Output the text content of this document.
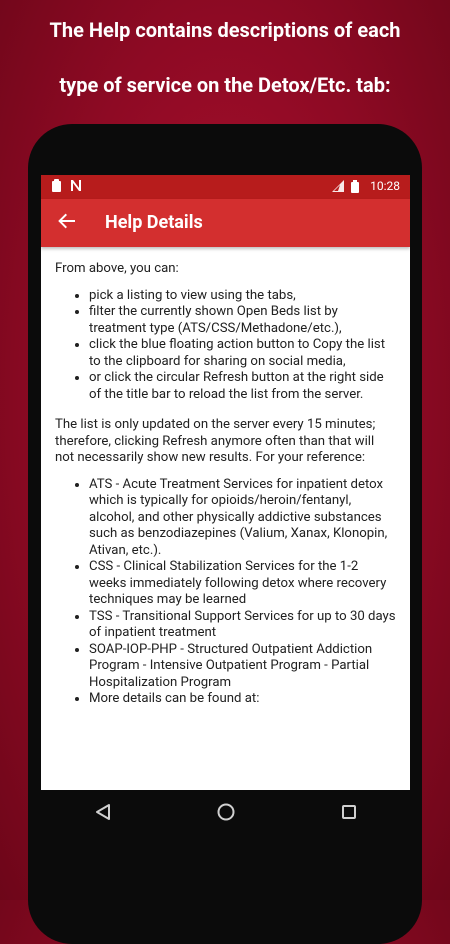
The Help contains descriptions of each
type of service on the Detox/Etc. tab:
10:28
Help Details

From above, you can:

• pick a listing to view using the tabs,
• filter the currently shown Open Beds list by treatment type (ATS/CSS/Methadone/etc.),
• click the blue floating action button to Copy the list to the clipboard for sharing on social media,
• or click the circular Refresh button at the right side of the title bar to reload the list from the server.

The list is only updated on the server every 15 minutes; therefore, clicking Refresh anymore often than that will not necessarily show new results. For your reference:

• ATS - Acute Treatment Services for inpatient detox which is typically for opioids/heroin/fentanyl, alcohol, and other physically addictive substances such as benzodiazepines (Valium, Xanax, Klonopin, Ativan, etc.).
• CSS - Clinical Stabilization Services for the 1-2 weeks immediately following detox where recovery techniques may be learned
• TSS - Transitional Support Services for up to 30 days of inpatient treatment
• SOAP-IOP-PHP - Structured Outpatient Addiction Program - Intensive Outpatient Program - Partial Hospitalization Program
• More details can be found at:
